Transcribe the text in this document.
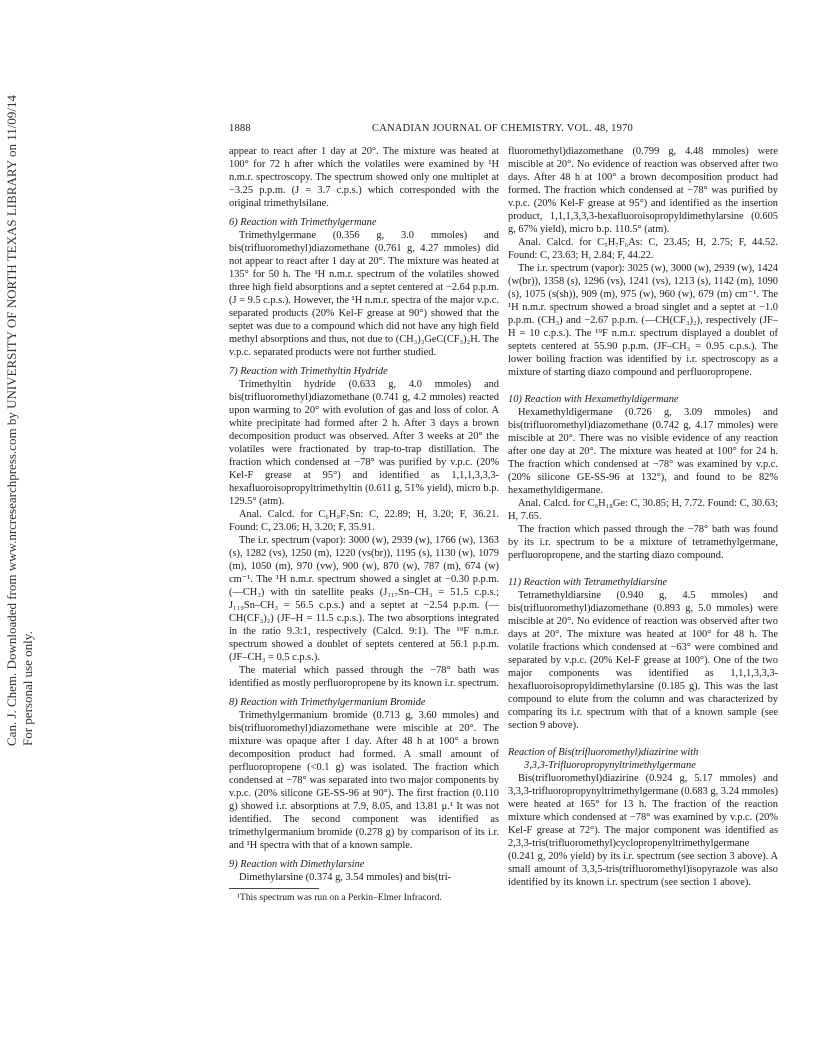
Can. J. Chem. Downloaded from www.nrcresearchpress.com by UNIVERSITY OF NORTH TEXAS LIBRARY on 11/09/14 For personal use only.
1888	CANADIAN JOURNAL OF CHEMISTRY. VOL. 48, 1970

appear to react after 1 day at 20°. The mixture was heated at 100° for 72 h after which the volatiles were examined by ¹H n.m.r. spectroscopy. The spectrum showed only one multiplet at −3.25 p.p.m. (J = 3.7 c.p.s.) which corresponded with the original trimethylsilane.

6) Reaction with Trimethylgermane

Trimethylgermane (0.356 g, 3.0 mmoles) and bis(trifluoromethyl)diazomethane (0.761 g, 4.27 mmoles) did not appear to react after 1 day at 20°. The mixture was heated at 135° for 50 h. The ¹H n.m.r. spectrum of the volatiles showed three high field absorptions and a septet centered at −2.64 p.p.m. (J = 9.5 c.p.s.). However, the ¹H n.m.r. spectra of the major v.p.c. separated products (20% Kel-F grease at 90°) showed that the septet was due to a compound which did not have any high field methyl absorptions and thus, not due to (CH₃)₃GeC(CF₃)₂H. The v.p.c. separated products were not further studied.

7) Reaction with Trimethyltin Hydride

Trimethyltin hydride (0.633 g, 4.0 mmoles) and bis(trifluoromethyl)diazomethane (0.741 g, 4.2 mmoles) reacted upon warming to 20° with evolution of gas and loss of color. A white precipitate had formed after 2 h. After 3 days a brown decomposition product was observed. After 3 weeks at 20° the volatiles were fractionated by trap-to-trap distillation. The fraction which condensed at −78° was purified by v.p.c. (20% Kel-F grease at 95°) and identified as 1,1,1,3,3,3-hexafluoroisopropyltrimethyltin (0.611 g, 51% yield), micro b.p. 129.5° (atm).

Anal. Calcd. for C₆H₉F₇Sn: C, 22.89; H, 3.20; F, 36.21. Found: C, 23.06; H, 3.20; F, 35.91.

The i.r. spectrum (vapor): 3000 (w), 2939 (w), 1766 (w), 1363 (s), 1282 (vs), 1250 (m), 1220 (vs(br)), 1195 (s), 1130 (w), 1079 (m), 1050 (m), 970 (vw), 900 (w), 870 (w), 787 (m), 674 (w) cm⁻¹. The ¹H n.m.r. spectrum showed a singlet at −0.30 p.p.m. (—CH₃) with tin satellite peaks (J₁₁₇Sn–CH₃ = 51.5 c.p.s.; J₁₁₉Sn–CH₃ = 56.5 c.p.s.) and a septet at −2.54 p.p.m. (—CH(CF₃)₂) (JF–H = 11.5 c.p.s.). The two absorptions integrated in the ratio 9.3:1, respectively (Calcd. 9:1). The ¹⁹F n.m.r. spectrum showed a doublet of septets centered at 56.1 p.p.m. (JF–CH₃ = 0.5 c.p.s.).

The material which passed through the −78° bath was identified as mostly perfluoropropene by its known i.r. spectrum.

8) Reaction with Trimethylgermanium Bromide

Trimethylgermanium bromide (0.713 g, 3.60 mmoles) and bis(trifluoromethyl)diazomethane were miscible at 20°. The mixture was opaque after 1 day. After 48 h at 100° a brown decomposition product had formed. A small amount of perfluoropropene (<0.1 g) was isolated. The fraction which condensed at −78° was separated into two major components by v.p.c. (20% silicone GE-SS-96 at 90°). The first fraction (0.110 g) showed i.r. absorptions at 7.9, 8.05, and 13.81 μ.¹ It was not identified. The second component was identified as trimethylgermanium bromide (0.278 g) by comparison of its i.r. and ¹H spectra with that of a known sample.

9) Reaction with Dimethylarsine

Dimethylarsine (0.374 g, 3.54 mmoles) and bis(tri-

¹This spectrum was run on a Perkin–Elmer Infracord.

fluoromethyl)diazomethane (0.799 g, 4.48 mmoles) were miscible at 20°. No evidence of reaction was observed after two days. After 48 h at 100° a brown decomposition product had formed. The fraction which condensed at −78° was purified by v.p.c. (20% Kel-F grease at 95°) and identified as the insertion product, 1,1,1,3,3,3-hexafluoroisopropyldimethylarsine (0.605 g, 67% yield), micro b.p. 110.5° (atm).

Anal. Calcd. for C₅H₇F₆As: C, 23.45; H, 2.75; F, 44.52. Found: C, 23.63; H, 2.84; F, 44.22.

The i.r. spectrum (vapor): 3025 (w), 3000 (w), 2939 (w), 1424 (w(br)), 1358 (s), 1296 (vs), 1241 (vs), 1213 (s), 1142 (m), 1090 (s), 1075 (s(sh)), 909 (m), 975 (w), 960 (w), 679 (m) cm⁻¹. The ¹H n.m.r. spectrum showed a broad singlet and a septet at −1.0 p.p.m. (CH₃) and −2.67 p.p.m. (—CH(CF₃)₂), respectively (JF–H = 10 c.p.s.). The ¹⁹F n.m.r. spectrum displayed a doublet of septets centered at 55.90 p.p.m. (JF–CH₃ = 0.95 c.p.s.). The lower boiling fraction was identified by i.r. spectroscopy as a mixture of starting diazo compound and perfluoropropene.

10) Reaction with Hexamethyldigermane

Hexamethyldigermane (0.726 g, 3.09 mmoles) and bis(trifluoromethyl)diazomethane (0.742 g, 4.17 mmoles) were miscible at 20°. There was no visible evidence of any reaction after one day at 20°. The mixture was heated at 100° for 24 h. The fraction which condensed at −78° was examined by v.p.c. (20% silicone GE-SS-96 at 132°), and found to be 82% hexamethyldigermane.

Anal. Calcd. for C₆H₁₈Ge: C, 30.85; H, 7.72. Found: C, 30.63; H, 7.65.

The fraction which passed through the −78° bath was found by its i.r. spectrum to be a mixture of tetramethylgermane, perfluoropropene, and the starting diazo compound.

11) Reaction with Tetramethyldiarsine

Tetramethyldiarsine (0.940 g, 4.5 mmoles) and bis(trifluoromethyl)diazomethane (0.893 g, 5.0 mmoles) were miscible at 20°. No evidence of reaction was observed after two days at 20°. The mixture was heated at 100° for 48 h. The volatile fractions which condensed at −63° were combined and separated by v.p.c. (20% Kel-F grease at 100°). One of the two major components was identified as 1,1,1,3,3,3-hexafluoroisopropyldimethylarsine (0.185 g). This was the last compound to elute from the column and was characterized by comparing its i.r. spectrum with that of a known sample (see section 9 above).

Reaction of Bis(trifluoromethyl)diazirine with

3,3,3-Trifluoropropynyltrimethylgermane

Bis(trifluoromethyl)diazirine (0.924 g, 5.17 mmoles) and 3,3,3-trifluoropropynyltrimethylgermane (0.683 g, 3.24 mmoles) were heated at 165° for 13 h. The fraction of the reaction mixture which condensed at −78° was examined by v.p.c. (20% Kel-F grease at 72°). The major component was identified as 2,3,3-tris(trifluoromethyl)cyclopropenyltrimethylgermane (0.241 g, 20% yield) by its i.r. spectrum (see section 3 above). A small amount of 3,3,5-tris(trifluoromethyl)isopyrazole was also identified by its known i.r. spectrum (see section 1 above).
